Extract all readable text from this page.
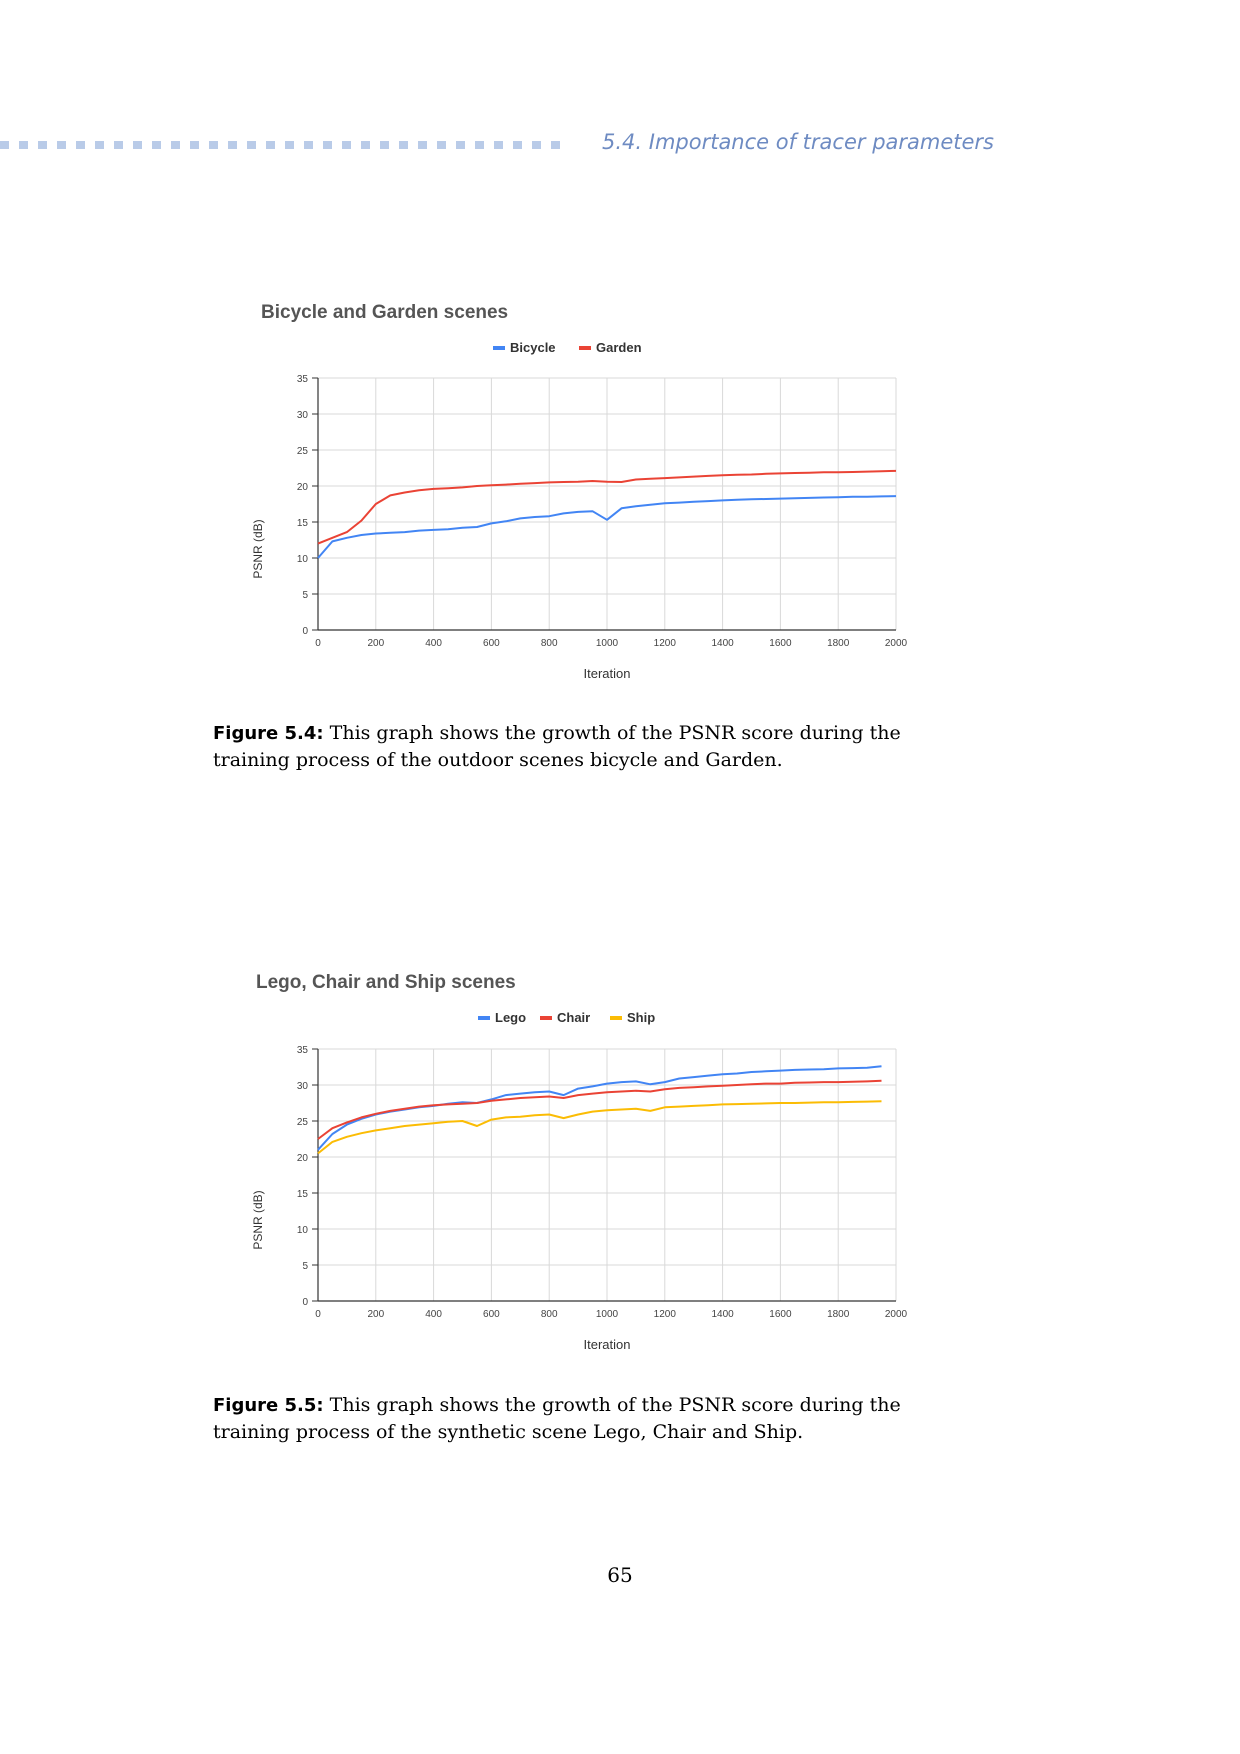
5.4. Importance of tracer parameters
Bicycle and Garden scenes
0
5
10
15
20
25
30
35
0	200	400	600	800	1000	1200	1400	1600	1800	2000
Iteration
PSNR (dB)
Bicycle	Garden
Figure 5.4: This graph shows the growth of the PSNR score during the training process of the outdoor scenes bicycle and Garden.
Lego, Chair and Ship scenes
0
5
10
15
20
25
30
35
0	200	400	600	800	1000	1200	1400	1600	1800	2000
Iteration
PSNR (dB)
Lego Chair	Ship
Figure 5.5: This graph shows the growth of the PSNR score during the training process of the synthetic scene Lego, Chair and Ship.
65
